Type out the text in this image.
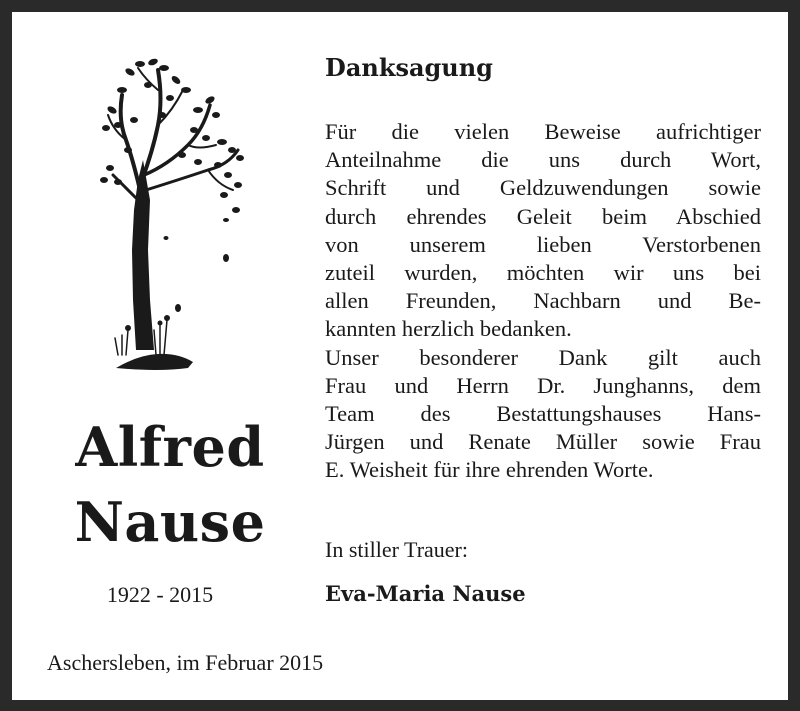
Alfred
Nause
1922 - 2015
Danksagung
Für die vielen Beweise aufrichtiger
Anteilnahme die uns durch Wort,
Schrift und Geldzuwendungen sowie
durch ehrendes Geleit beim Abschied
von unserem lieben Verstorbenen
zuteil wurden, möchten wir uns bei
allen Freunden, Nachbarn und Be-
kannten herzlich bedanken.
Unser besonderer Dank gilt auch
Frau und Herrn Dr. Junghanns, dem
Team des Bestattungshauses Hans-
Jürgen und Renate Müller sowie Frau
E. Weisheit für ihre ehrenden Worte.
In stiller Trauer:
Eva-Maria Nause
Aschersleben, im Februar 2015
